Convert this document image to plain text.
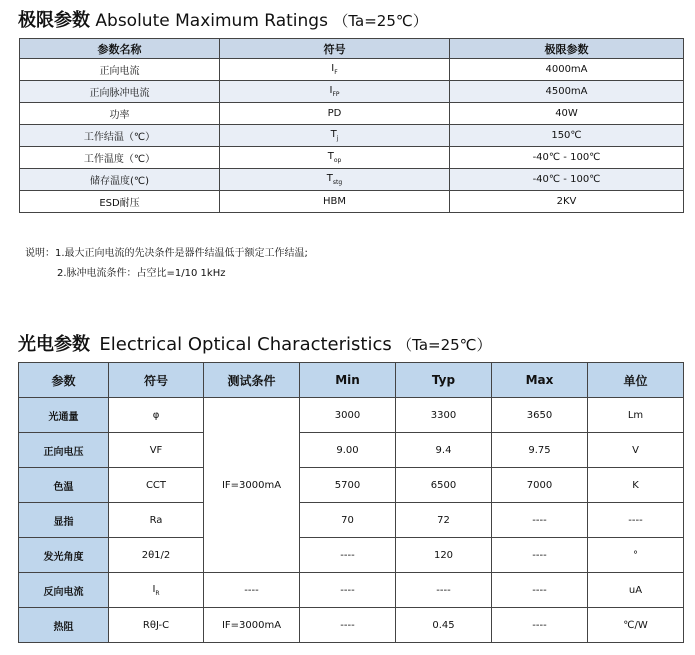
极限参数 Absolute Maximum Ratings （Ta=25℃）
参数名称	符号	极限参数
正向电流	$I_F$	4000mA
正向脉冲电流	$I_{FP}$	4500mA
功率	PD	40W
工作结温（℃）	$T_j$	150℃
工作温度（℃）	$T_{op}$	-40℃ - 100℃
储存温度(℃)	$T_{stg}$	-40℃ - 100℃
ESD耐压	HBM	2KV
说明：1.最大正向电流的先决条件是器件结温低于额定工作结温;
2.脉冲电流条件：占空比=1/10 1kHz
光电参数 Electrical Optical Characteristics （Ta=25℃）
参数	符号	测试条件	Min	Typ	Max	单位
光通量	φ	IF=3000mA	3000	3300	3650	Lm
正向电压	VF		9.00	9.4	9.75	V
色温	CCT		5700	6500	7000	K
显指	Ra		70	72	----	----
发光角度	2θ1/2		----	120	----	°
反向电流	$I_R$	----	----	----	----	uA
热阻	RθJ-C	IF=3000mA	----	0.45	----	℃/W
